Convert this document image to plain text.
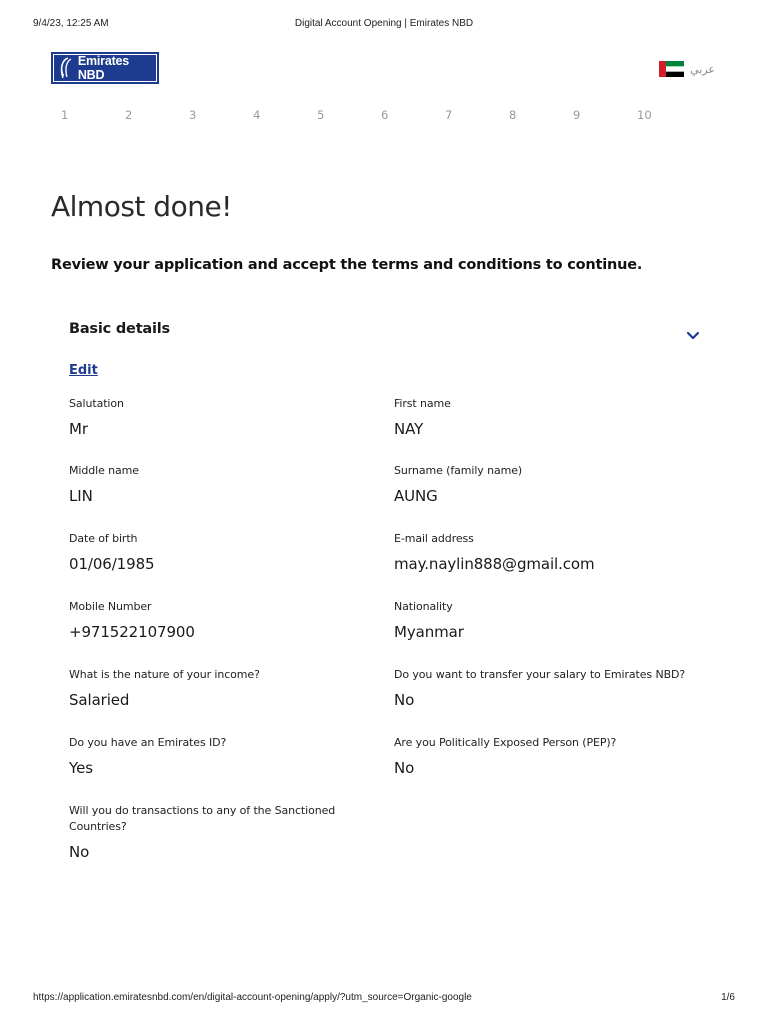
9/4/23, 12:25 AM	Digital Account Opening | Emirates NBD
Emirates NBD	عربي
1	2	3	4	5	6	7	8	9	10
Almost done!

Review your application and accept the terms and conditions to continue.

Basic details
Edit
Salutation
Mr
First name
NAY
Middle name
LIN
Surname (family name)
AUNG
Date of birth
01/06/1985
E-mail address
may.naylin888@gmail.com
Mobile Number
+971522107900
Nationality
Myanmar
What is the nature of your income?
Salaried
Do you want to transfer your salary to Emirates NBD?
No
Do you have an Emirates ID?
Yes
Are you Politically Exposed Person (PEP)?
No
Will you do transactions to any of the Sanctioned Countries?
No
https://application.emiratesnbd.com/en/digital-account-opening/apply/?utm_source=Organic-google	1/6
